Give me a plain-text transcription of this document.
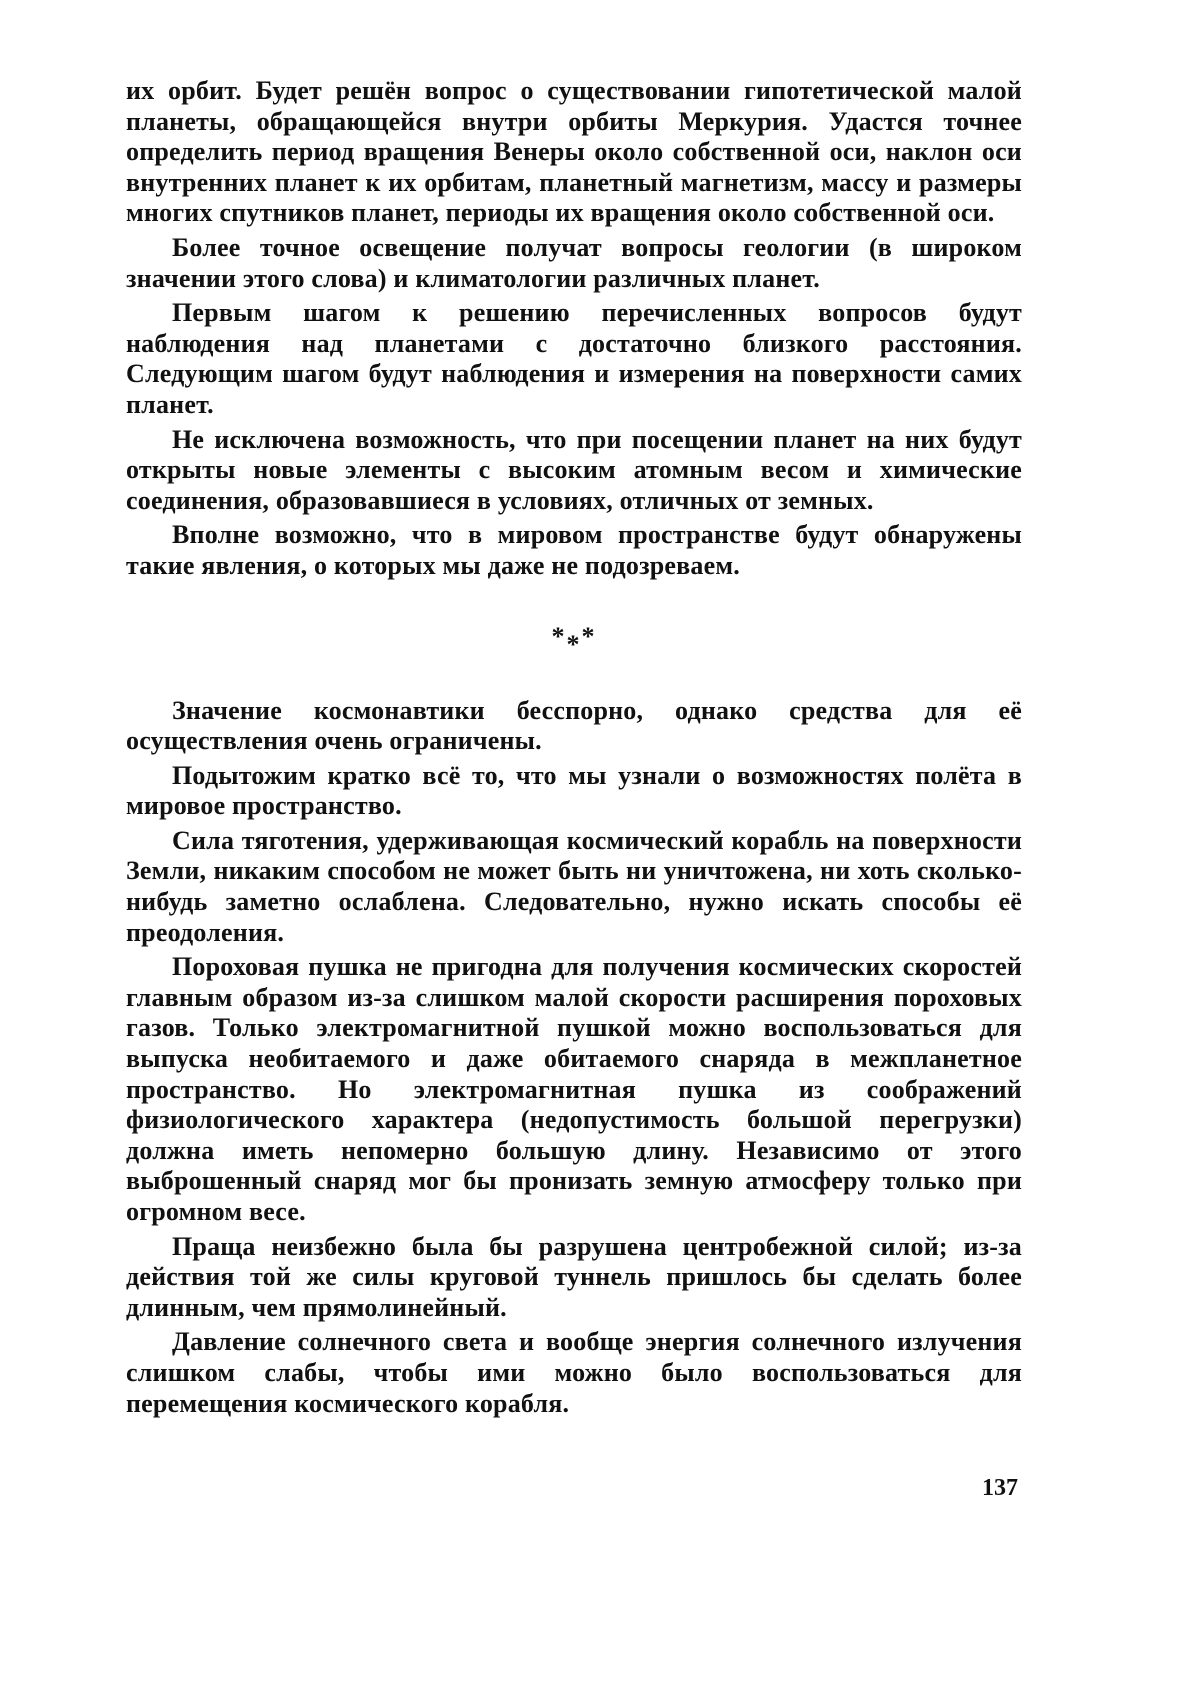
их орбит. Будет решён вопрос о существовании гипотетической малой планеты, обращающейся внутри орбиты Меркурия. Удастся точнее определить период вращения Венеры около собственной оси, наклон оси внутренних планет к их орбитам, планетный магнетизм, массу и размеры многих спутников планет, периоды их вращения около собственной оси.

Более точное освещение получат вопросы геологии (в широком значении этого слова) и климатологии различных планет.

Первым шагом к решению перечисленных вопросов будут наблюдения над планетами с достаточно близкого расстояния. Следующим шагом будут наблюдения и измерения на поверхности самих планет.

Не исключена возможность, что при посещении планет на них будут открыты новые элементы с высоким атомным весом и химические соединения, образовавшиеся в условиях, отличных от земных.

Вполне возможно, что в мировом пространстве будут обнаружены такие явления, о которых мы даже не подозреваем.

***

Значение космонавтики бесспорно, однако средства для её осуществления очень ограничены.

Подытожим кратко всё то, что мы узнали о возможностях полёта в мировое пространство.

Сила тяготения, удерживающая космический корабль на поверхности Земли, никаким способом не может быть ни уничтожена, ни хоть сколько-нибудь заметно ослаблена. Следовательно, нужно искать способы её преодоления.

Пороховая пушка не пригодна для получения космических скоростей главным образом из-за слишком малой скорости расширения пороховых газов. Только электромагнитной пушкой можно воспользоваться для выпуска необитаемого и даже обитаемого снаряда в межпланетное пространство. Но электромагнитная пушка из соображений физиологического характера (недопустимость большой перегрузки) должна иметь непомерно большую длину. Независимо от этого выброшенный снаряд мог бы пронизать земную атмосферу только при огромном весе.

Праща неизбежно была бы разрушена центробежной силой; из-за действия той же силы круговой туннель пришлось бы сделать более длинным, чем прямолинейный.

Давление солнечного света и вообще энергия солнечного излучения слишком слабы, чтобы ими можно было воспользоваться для перемещения космического корабля.

137
